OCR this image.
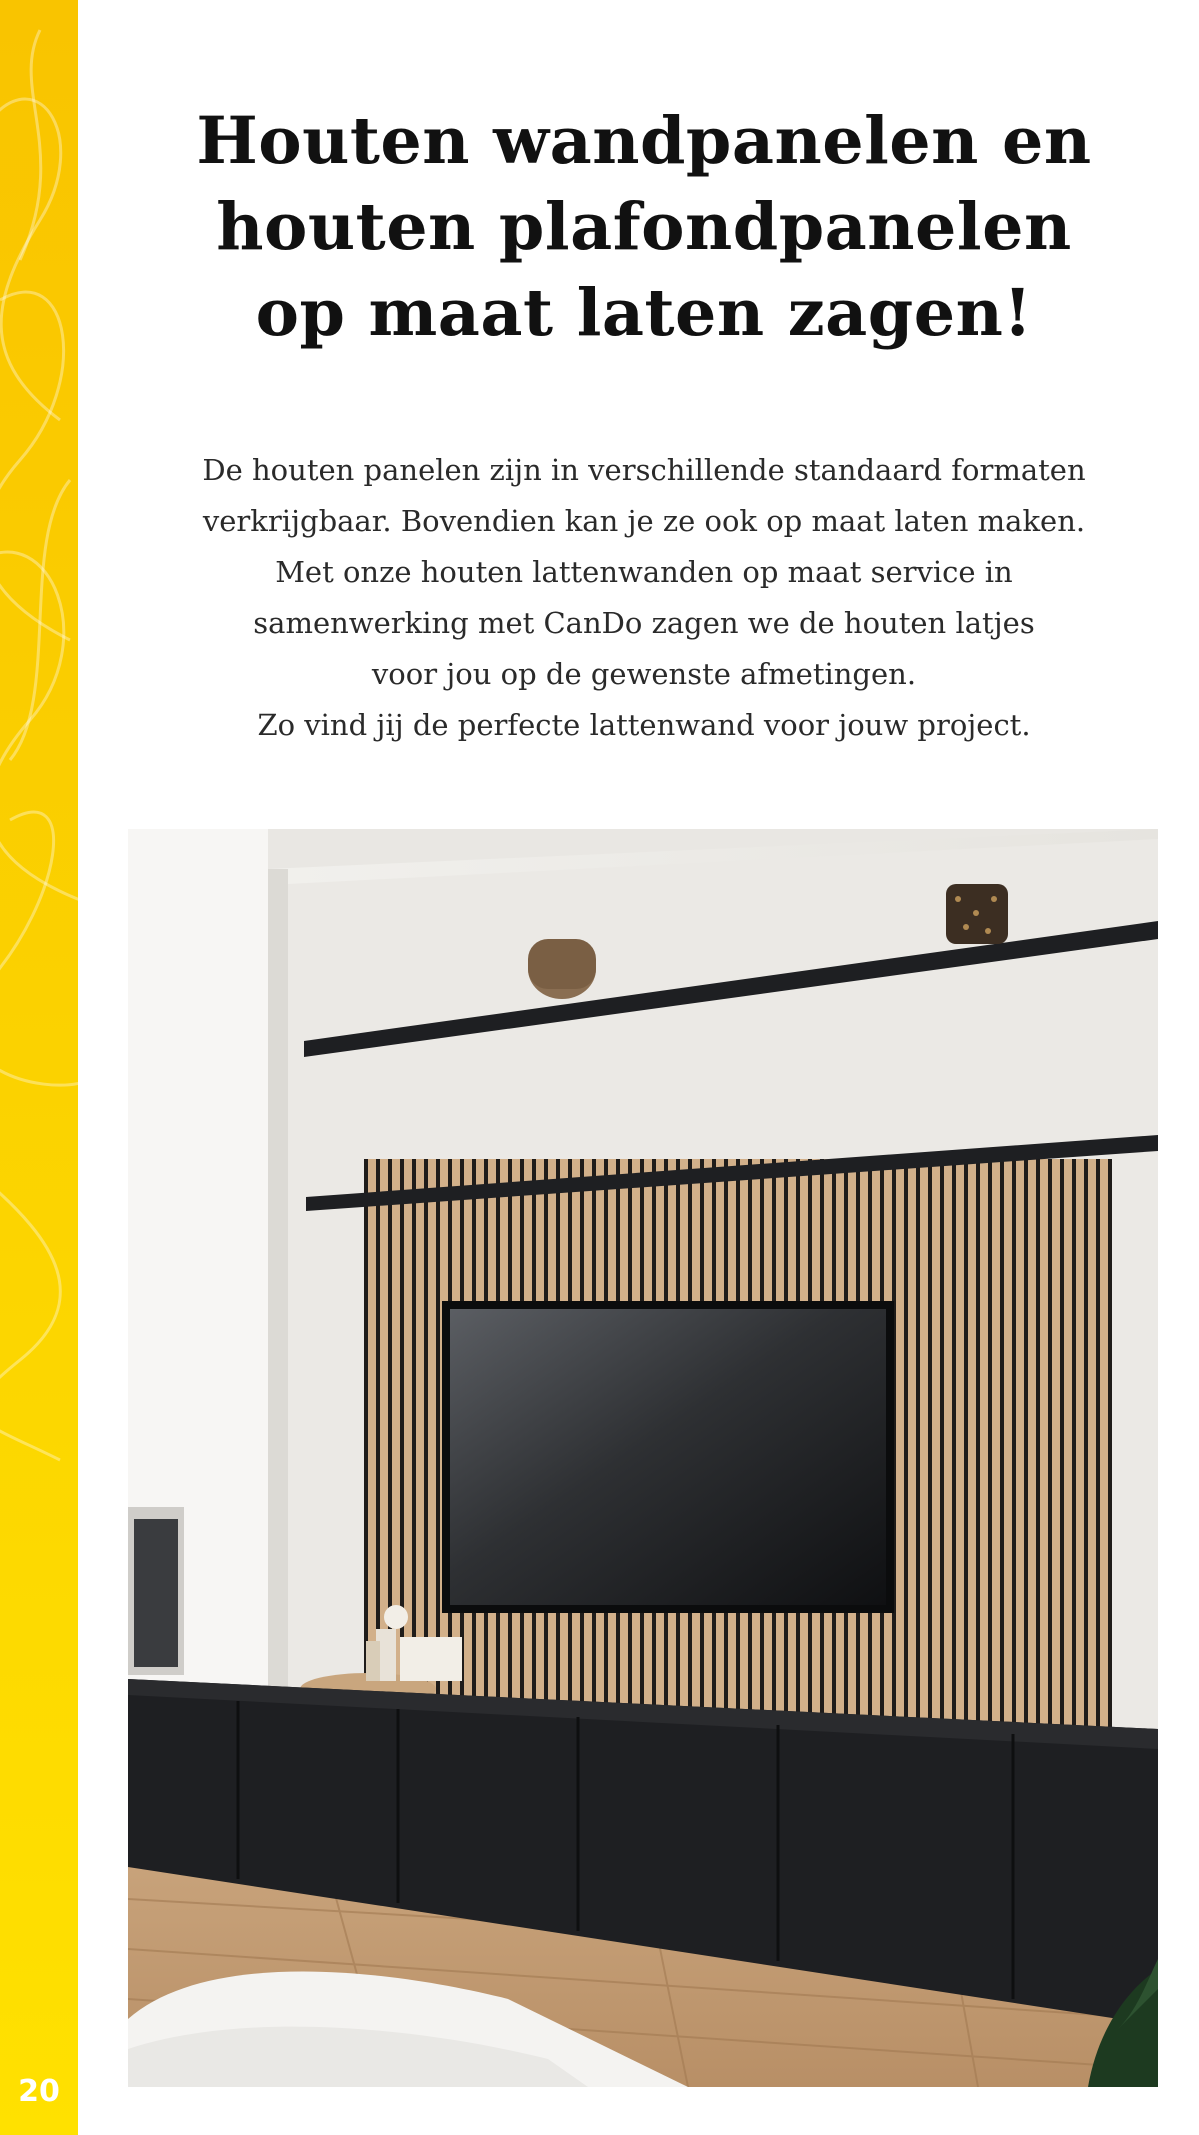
20
Houten wandpanelen en
houten plafondpanelen
op maat laten zagen!
De houten panelen zijn in verschillende standaard formaten
verkrijgbaar. Bovendien kan je ze ook op maat laten maken.
Met onze houten lattenwanden op maat service in
samenwerking met CanDo zagen we de houten latjes
voor jou op de gewenste afmetingen.
Zo vind jij de perfecte lattenwand voor jouw project.
